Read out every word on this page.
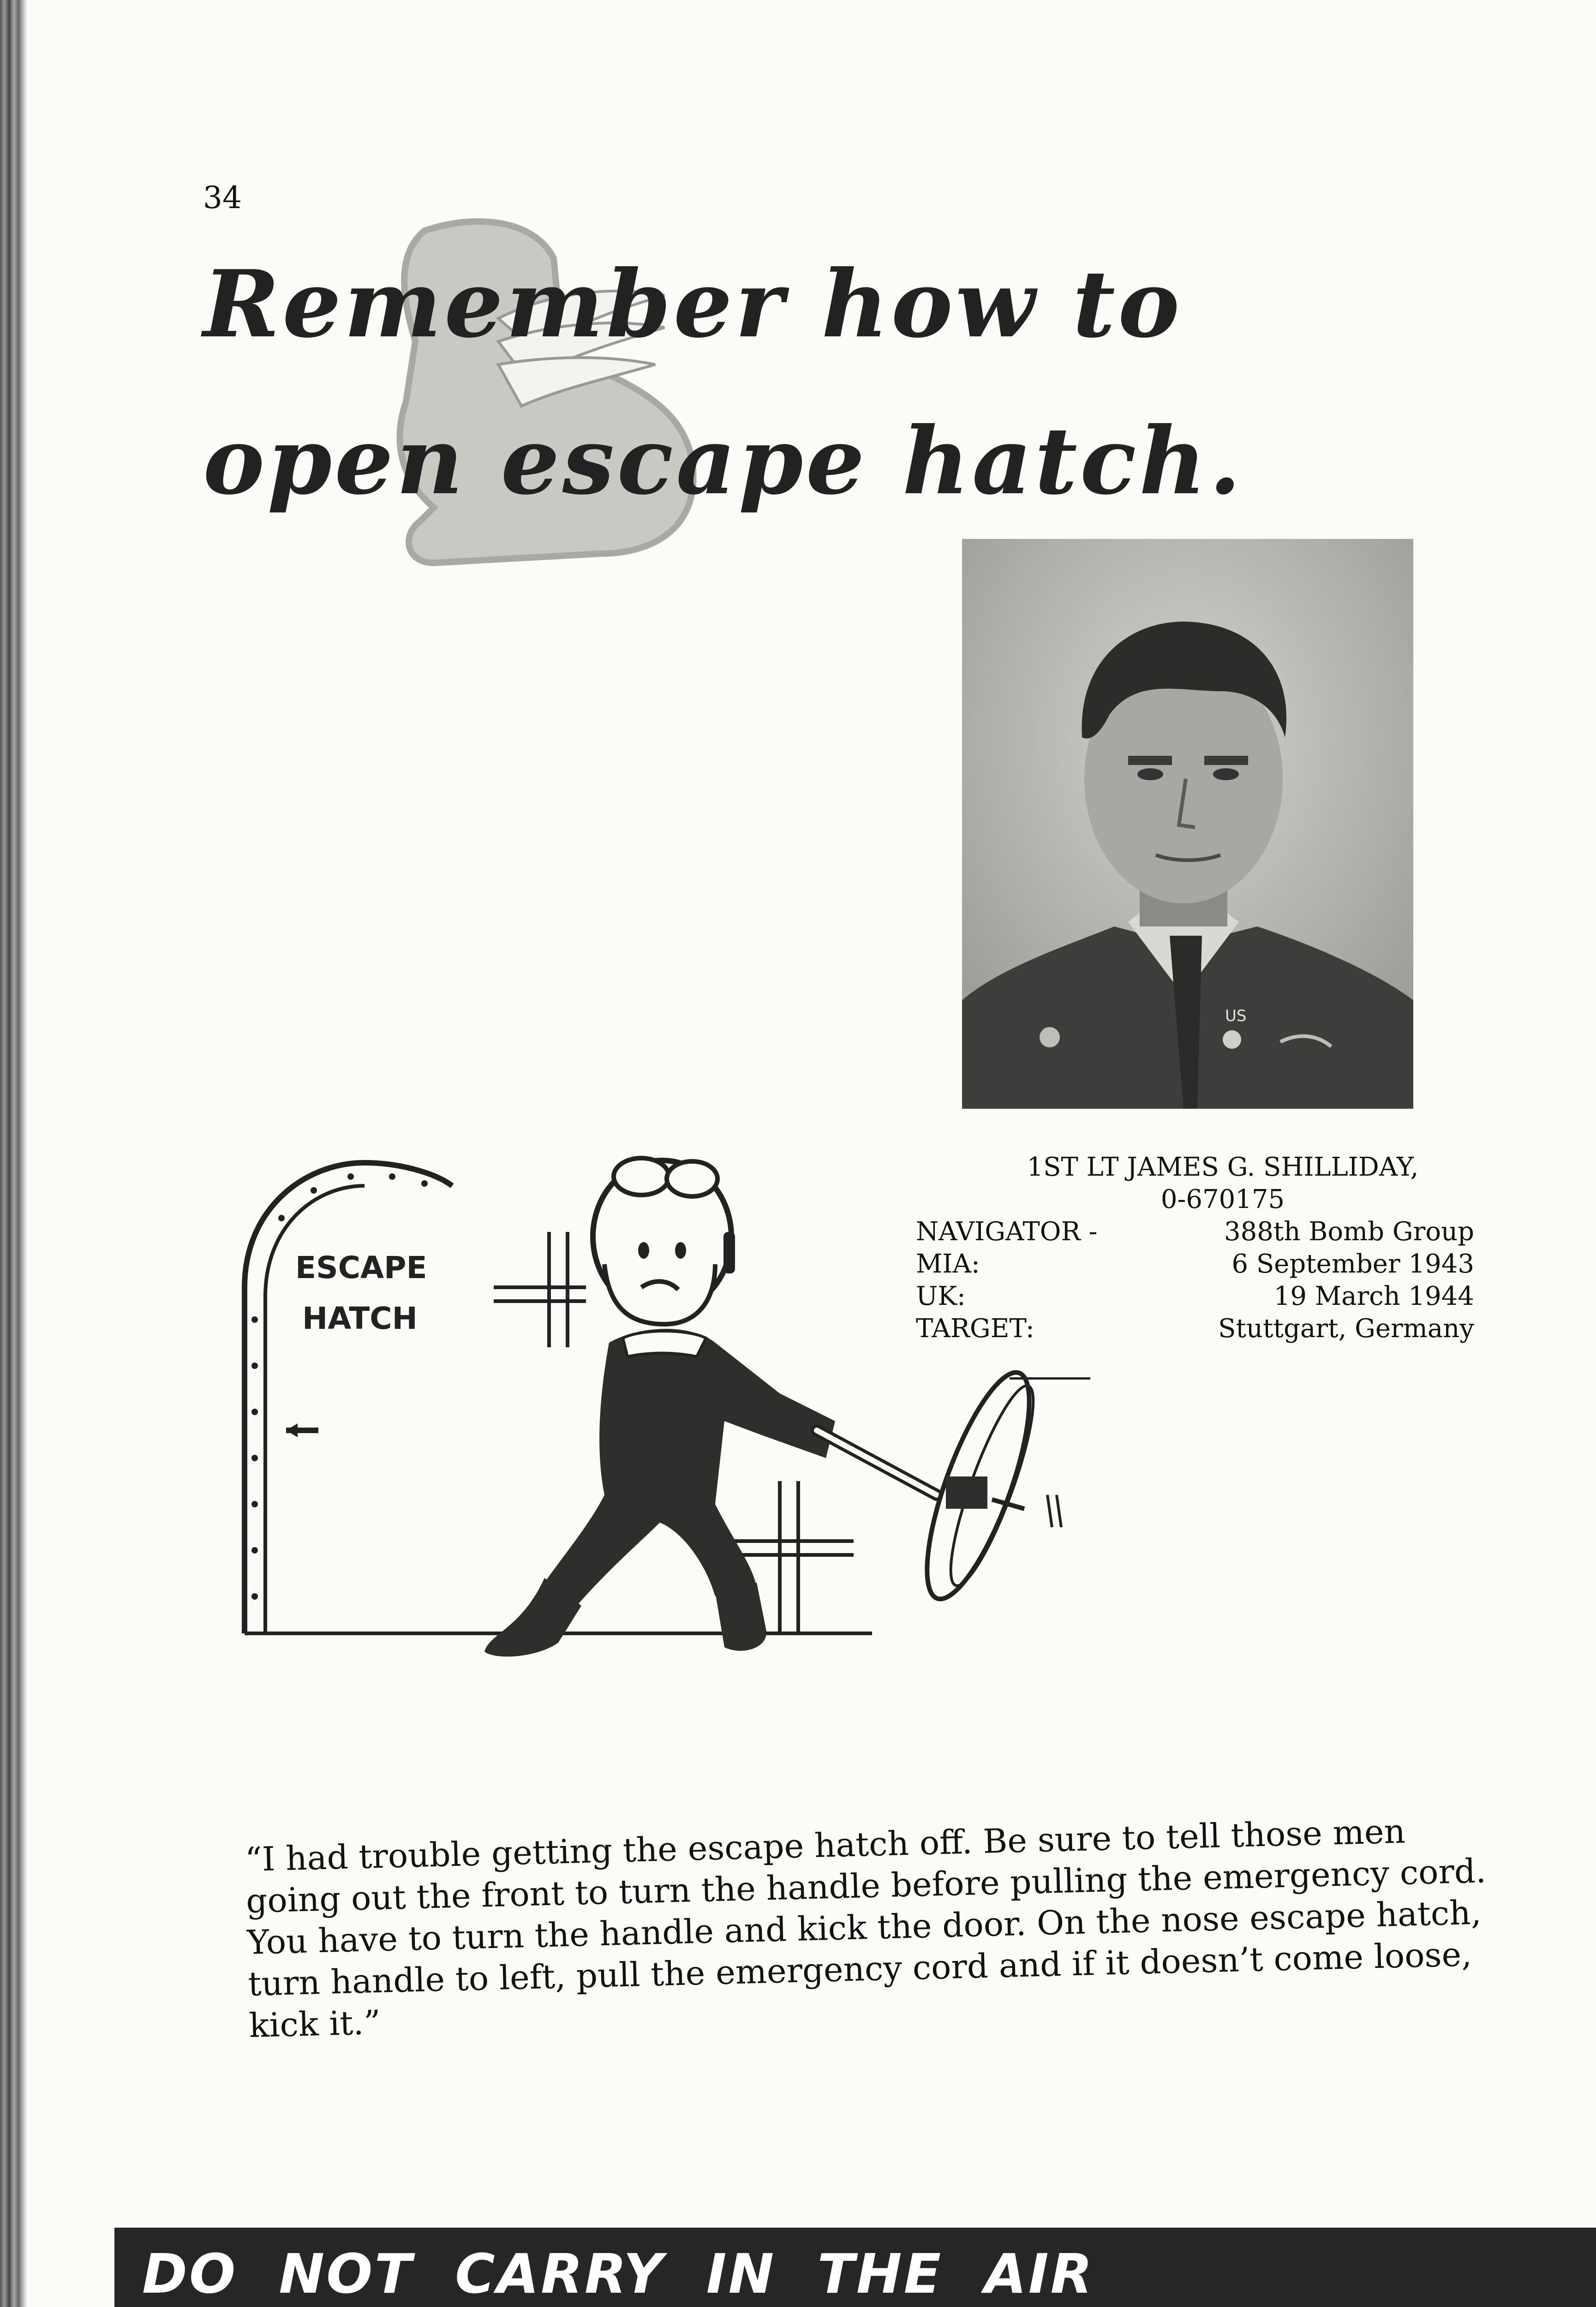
34
Remember how to open escape hatch.
US
1ST LT JAMES G. SHILLIDAY,
0-670175
NAVIGATOR -	388th Bomb Group
MIA:	6 September 1943
UK:	19 March 1944
TARGET:	Stuttgart, Germany
ESCAPE
HATCH
“I had trouble getting the escape hatch off. Be sure to tell those men going out the front to turn the handle before pulling the emergency cord. You have to turn the handle and kick the door. On the nose escape hatch, turn handle to left, pull the emergency cord and if it doesn’t come loose, kick it.”
DO  NOT  CARRY  IN  THE  AIR
